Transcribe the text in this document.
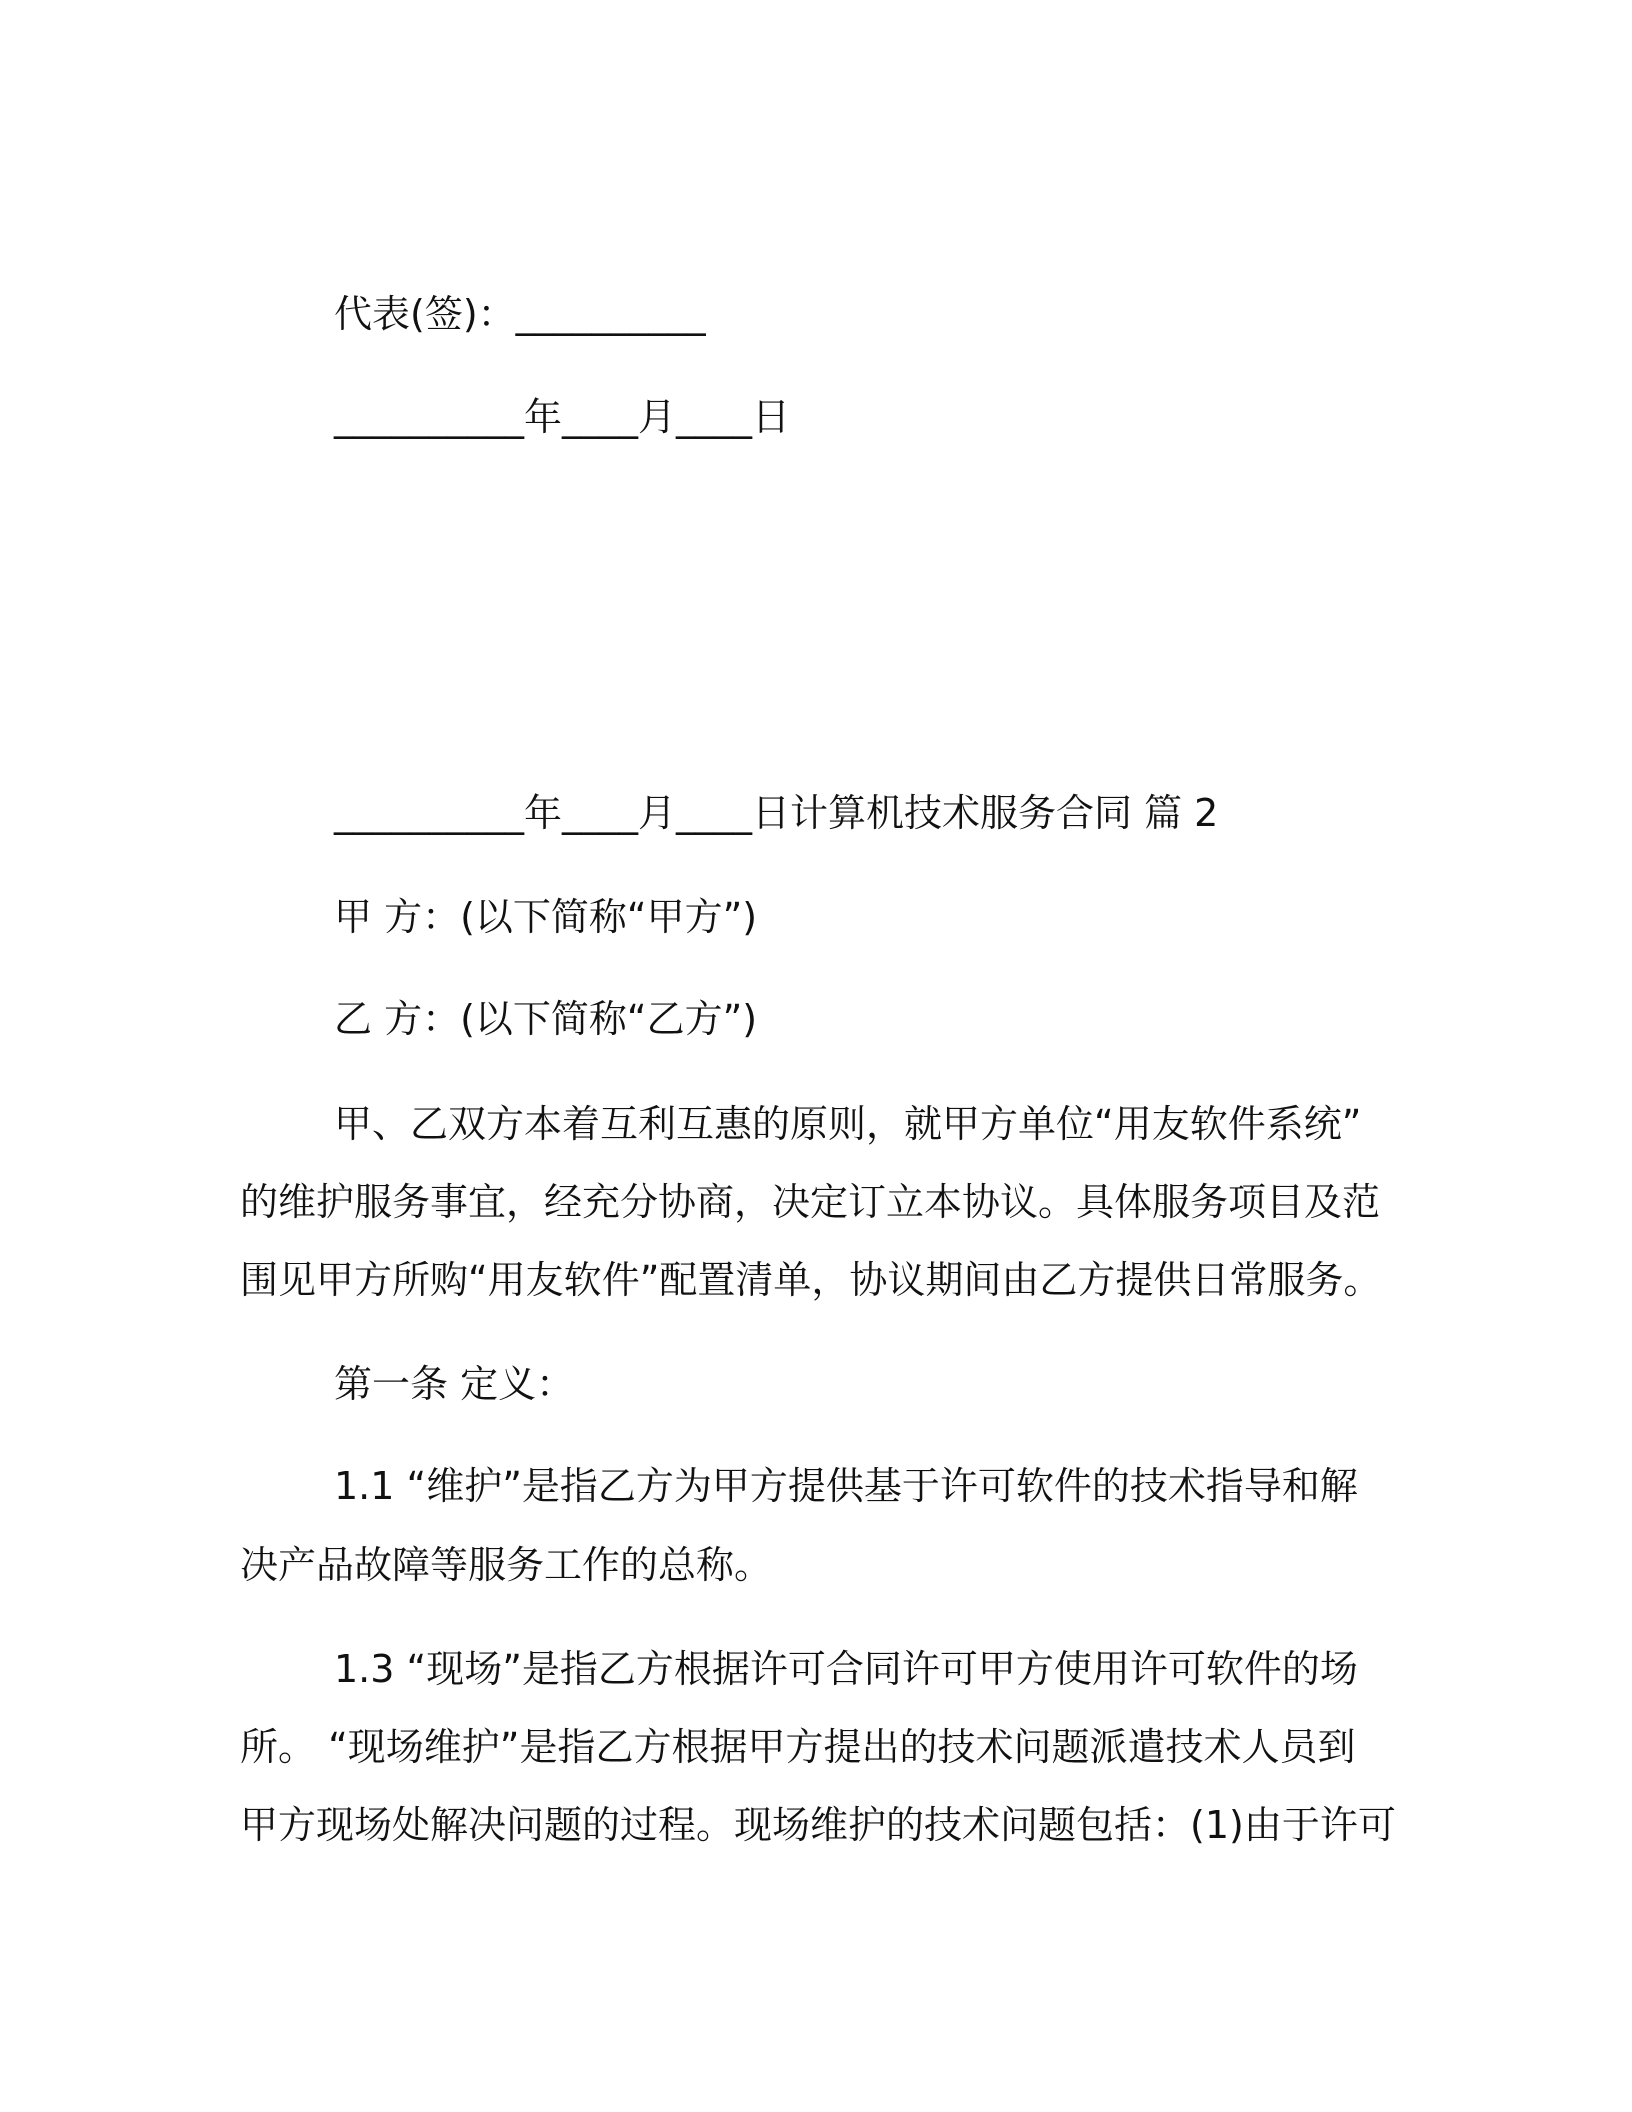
代表(签)：__________
__________年____月____日
__________年____月____日计算机技术服务合同 篇 2
甲 方：(以下简称“甲方”)
乙 方：(以下简称“乙方”)
甲、乙双方本着互利互惠的原则，就甲方单位“用友软件系统”
的维护服务事宜，经充分协商，决定订立本协议。具体服务项目及范
围见甲方所购“用友软件”配置清单，协议期间由乙方提供日常服务。
第一条 定义：
1.1 “维护”是指乙方为甲方提供基于许可软件的技术指导和解
决产品故障等服务工作的总称。
1.3 “现场”是指乙方根据许可合同许可甲方使用许可软件的场
所。 “现场维护”是指乙方根据甲方提出的技术问题派遣技术人员到
甲方现场处解决问题的过程。现场维护的技术问题包括：(1)由于许可
